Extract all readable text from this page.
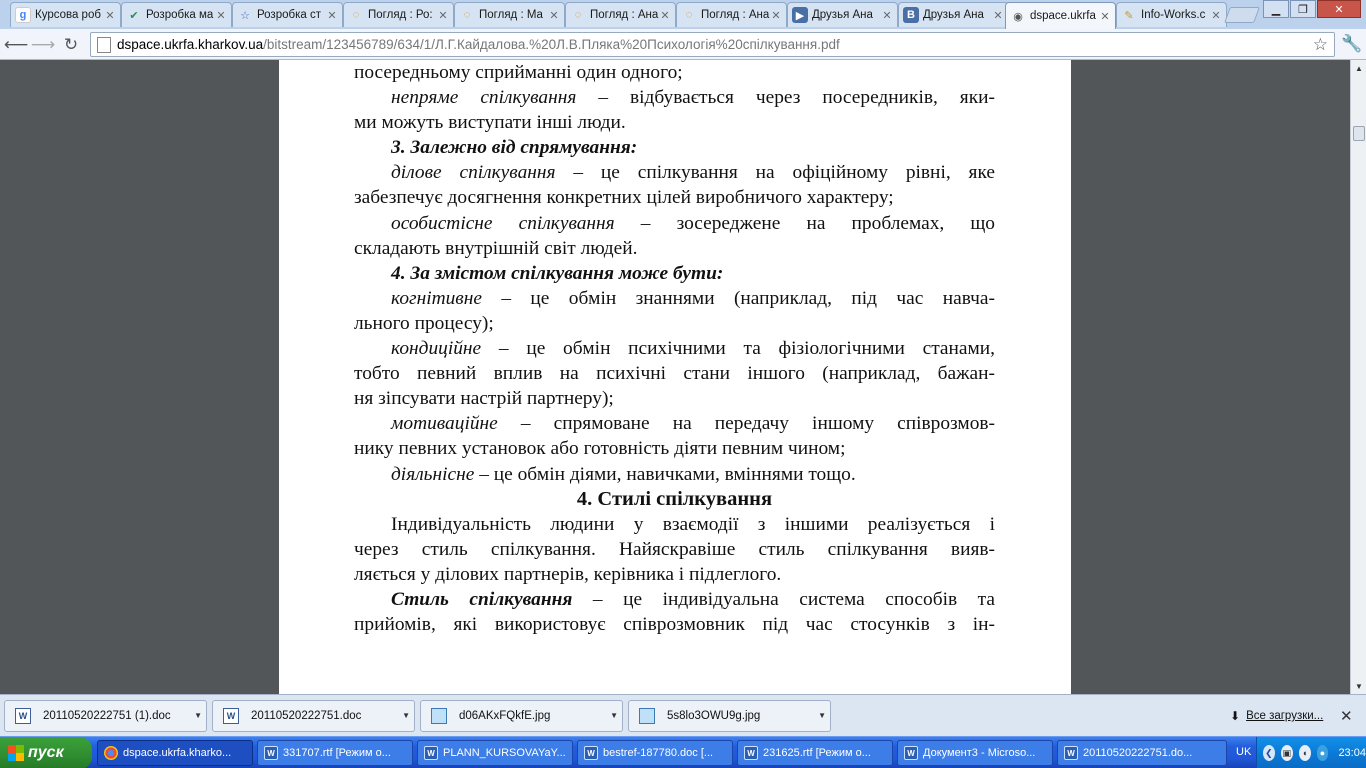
g Курсова роб ✕	✔ Розробка ма ✕ ☆ Розробка ст ✕	◌ Погляд : Ро: ✕	◌ Погляд : Ма ✕	◌ Погляд : Ана ✕	◌ Погляд : Ана ✕	▶ Друзья Ана ✕	B Друзья Ана ✕ ◉ dspace.ukrfa ✕	✎ Info-Works.c ✕	▁	❐	✕
⟵ ⟶ ↻	dspace.ukrfa.kharkov.ua/bitstream/123456789/634/1/Л.Г.Кайдалова.%20Л.В.Пляка%20Психологія%20спілкування.pdf	☆ 🔧

посередньому сприйманні один одного;

непряме спілкування – відбувається через посередників, яки-

ми можуть виступати інші люди.

3. Залежно від спрямування:

ділове спілкування – це спілкування на офіційному рівні, яке

забезпечує досягнення конкретних цілей виробничого характеру;

особистісне спілкування – зосереджене на проблемах, що

складають внутрішній світ людей.

4. За змістом спілкування може бути:

когнітивне – це обмін знаннями (наприклад, під час навча-

льного процесу);

кондиційне – це обмін психічними та фізіологічними станами,

тобто певний вплив на психічні стани іншого (наприклад, бажан-

ня зіпсувати настрій партнеру);

мотиваційне – спрямоване на передачу іншому співрозмов-

нику певних установок або готовність діяти певним чином;

діяльнісне – це обмін діями, навичками, вміннями тощо.

4. Стилі спілкування

Індивідуальність людини у взаємодії з іншими реалізується і

через стиль спілкування. Найяскравіше стиль спілкування вияв-

ляється у ділових партнерів, керівника і підлеглого.

Стиль спілкування – це індивідуальна система способів та

прийомів, які використовує співрозмовник під час стосунків з ін-

▲
▼
W	20110520222751 (1).doc	▼	W	20110520222751.doc	▼	d06AKxFQkfE.jpg	▼	5s8lo3OWU9g.jpg	▼	⬇ Все загрузки... ✕
пуск	dspace.ukrfa.kharko...	W 331707.rtf [Режим о...	W PLANN_KURSOVAYaY...	W bestref-187780.doc [...	W 231625.rtf [Режим о...	W Документ3 - Microso...	W 20110520222751.do...	UK ❮ ▣	◖	● 23:04
